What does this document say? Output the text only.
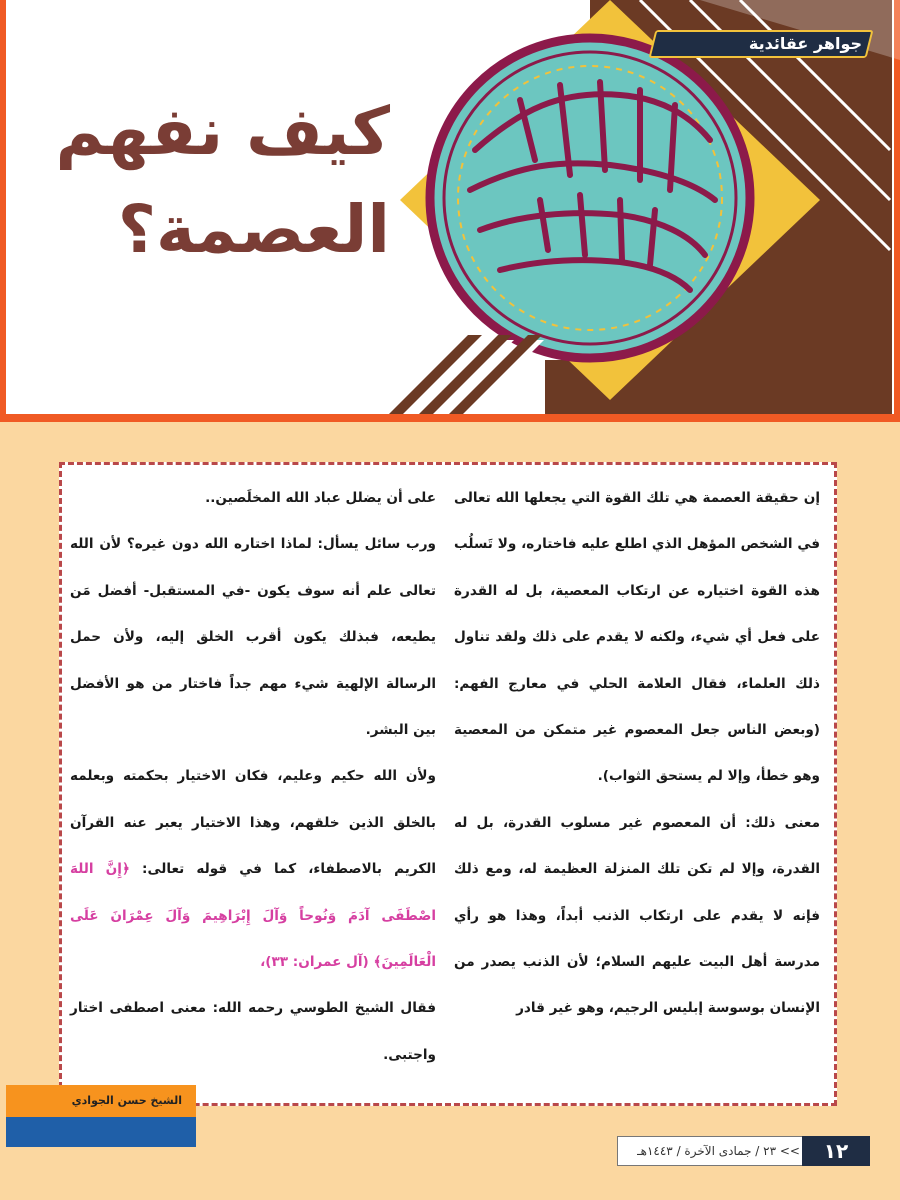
جواهر عقائدية
كيف نفهم
العصمة؟

إن حقيقة العصمة هي تلك القوة التي يجعلها الله تعالى في الشخص المؤهل الذي اطلع عليه فاختاره، ولا تَسلُب هذه القوة اختياره عن ارتكاب المعصية، بل له القدرة على فعل أي شيء، ولكنه لا يقدم على ذلك ولقد تناول ذلك العلماء، فقال العلامة الحلي في معارج الفهم: (وبعض الناس جعل المعصوم غير متمكن من المعصية وهو خطأ، وإلا لم يستحق الثواب).

معنى ذلك: أن المعصوم غير مسلوب القدرة، بل له القدرة، وإلا لم تكن تلك المنزلة العظيمة له، ومع ذلك فإنه لا يقدم على ارتكاب الذنب أبداً، وهذا هو رأي مدرسة أهل البيت عليهم السلام؛ لأن الذنب يصدر من الإنسان بوسوسة إبليس الرجيم، وهو غير قادر

على أن يضلل عباد الله المخلَصين..

ورب سائل يسأل: لماذا اختاره الله دون غيره؟ لأن الله تعالى علم أنه سوف يكون -في المستقبل- أفضل مَن يطيعه، فبذلك يكون أقرب الخلق إليه، ولأن حمل الرسالة الإلهية شيء مهم جداً فاختار من هو الأفضل بين البشر.

ولأن الله حكيم وعليم، فكان الاختيار بحكمته وبعلمه بالخلق الذين خلقهم، وهذا الاختيار يعبر عنه القرآن الكريم بالاصطفاء، كما في قوله تعالى: ﴿إِنَّ اللهَ اصْطَفَى آدَمَ وَنُوحاً وَآلَ إِبْرَاهِيمَ وَآلَ عِمْرَانَ عَلَى الْعَالَمِينَ﴾ (آل عمران: ٣٣)،

فقال الشيخ الطوسي رحمه الله: معنى اصطفى اختار واجتبى.

الشيخ حسن الجوادي
١٢
>> ٢٣ / جمادى الآخرة / ١٤٤٣هـ
